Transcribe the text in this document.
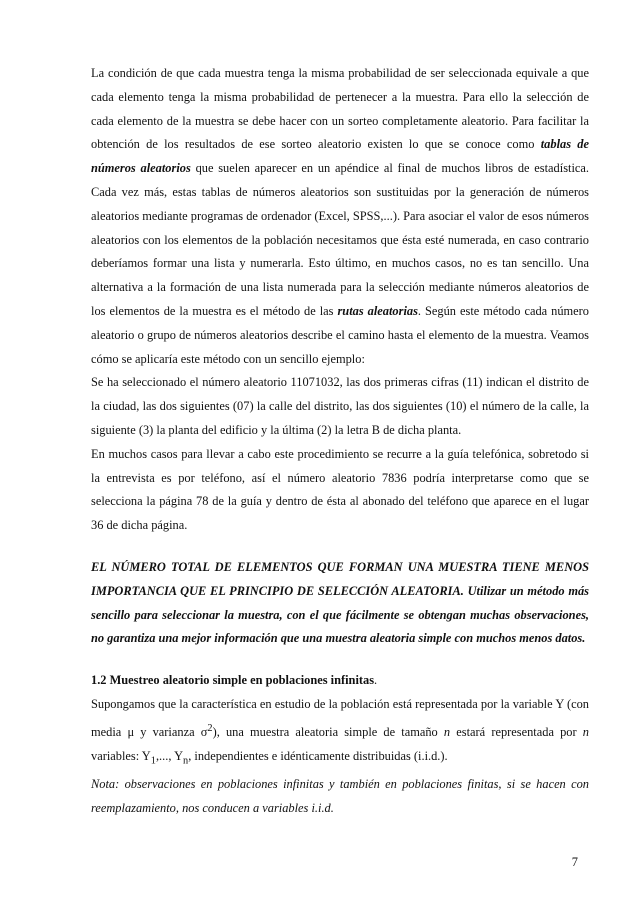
La condición de que cada muestra tenga la misma probabilidad de ser seleccionada equivale a que cada elemento tenga la misma probabilidad de pertenecer a la muestra. Para ello la selección de cada elemento de la muestra se debe hacer con un sorteo completamente aleatorio. Para facilitar la obtención de los resultados de ese sorteo aleatorio existen lo que se conoce como tablas de números aleatorios que suelen aparecer en un apéndice al final de muchos libros de estadística. Cada vez más, estas tablas de números aleatorios son sustituidas por la generación de números aleatorios mediante programas de ordenador (Excel, SPSS,...). Para asociar el valor de esos números aleatorios con los elementos de la población necesitamos que ésta esté numerada, en caso contrario deberíamos formar una lista y numerarla. Esto último, en muchos casos, no es tan sencillo. Una alternativa a la formación de una lista numerada para la selección mediante números aleatorios de los elementos de la muestra es el método de las rutas aleatorias. Según este método cada número aleatorio o grupo de números aleatorios describe el camino hasta el elemento de la muestra. Veamos cómo se aplicaría este método con un sencillo ejemplo:

Se ha seleccionado el número aleatorio 11071032, las dos primeras cifras (11) indican el distrito de la ciudad, las dos siguientes (07) la calle del distrito, las dos siguientes (10) el número de la calle, la siguiente (3) la planta del edificio y la última (2) la letra B de dicha planta.

En muchos casos para llevar a cabo este procedimiento se recurre a la guía telefónica, sobretodo si la entrevista es por teléfono, así el número aleatorio 7836 podría interpretarse como que se selecciona la página 78 de la guía y dentro de ésta al abonado del teléfono que aparece en el lugar 36 de dicha página.

EL NÚMERO TOTAL DE ELEMENTOS QUE FORMAN UNA MUESTRA TIENE MENOS IMPORTANCIA QUE EL PRINCIPIO DE SELECCIÓN ALEATORIA. Utilizar un método más sencillo para seleccionar la muestra, con el que fácilmente se obtengan muchas observaciones, no garantiza una mejor información que una muestra aleatoria simple con muchos menos datos.

1.2 Muestreo aleatorio simple en poblaciones infinitas.

Supongamos que la característica en estudio de la población está representada por la variable Y (con media μ y varianza $\sigma^2$), una muestra aleatoria simple de tamaño n estará representada por n variables: $Y_1$,..., $Y_n$, independientes e idénticamente distribuidas (i.i.d.).

Nota: observaciones en poblaciones infinitas y también en poblaciones finitas, si se hacen con reemplazamiento, nos conducen a variables i.i.d.

7
